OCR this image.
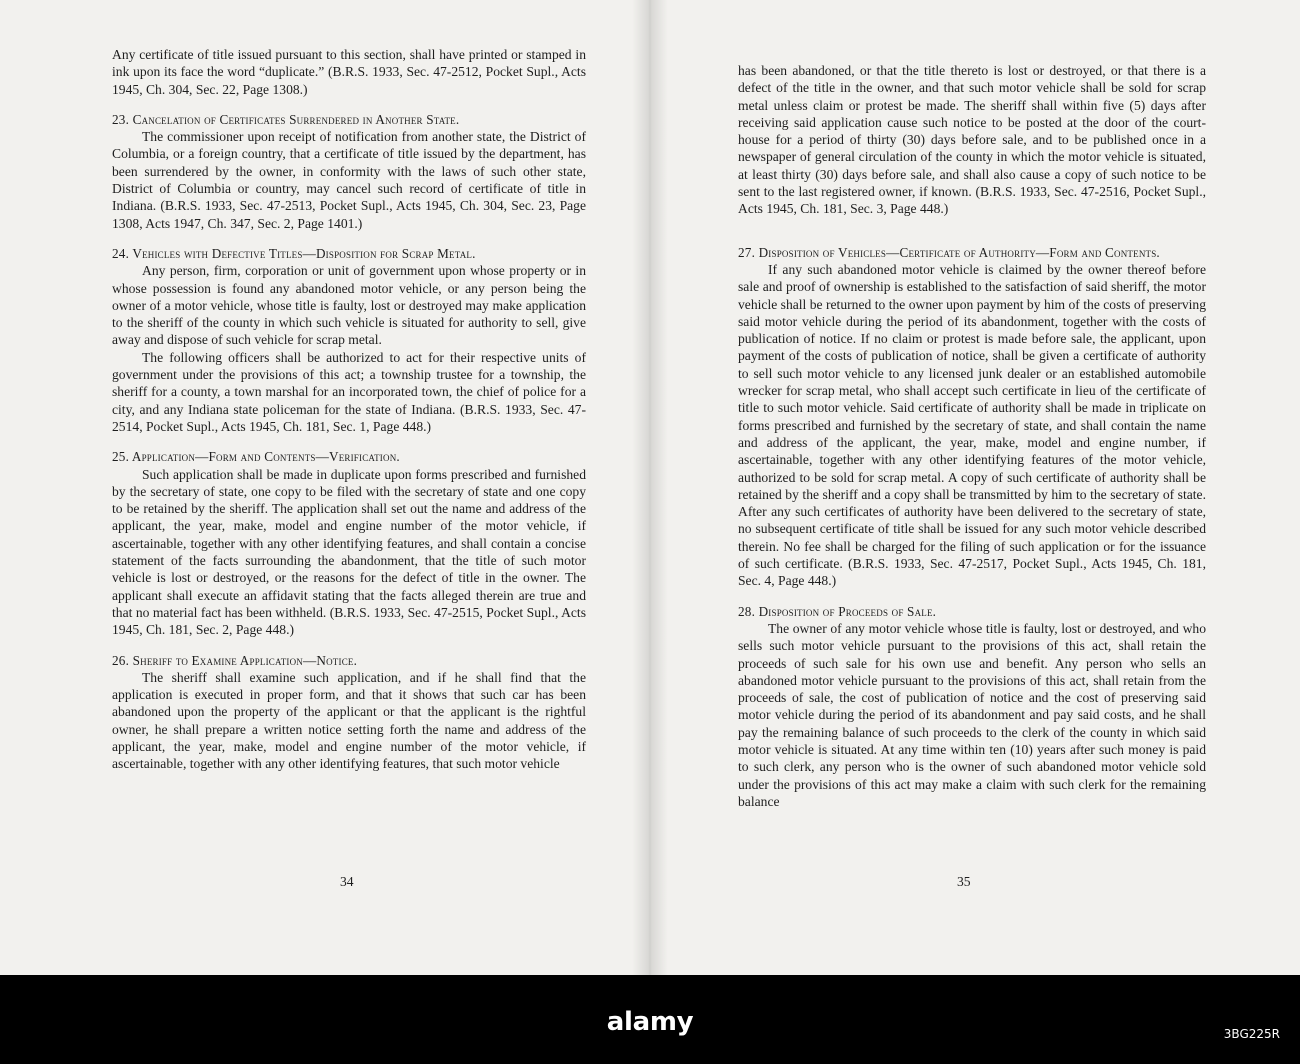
Any certificate of title issued pursuant to this section, shall have printed or stamped in ink upon its face the word “duplicate.” (B.R.S. 1933, Sec. 47-2512, Pocket Supl., Acts 1945, Ch. 304, Sec. 22, Page 1308.)

23. Cancelation of Certificates Surrendered in Another State.

The commissioner upon receipt of notification from another state, the District of Columbia, or a foreign country, that a certificate of title issued by the department, has been surrendered by the owner, in conformity with the laws of such other state, District of Columbia or country, may cancel such record of certificate of title in Indiana. (B.R.S. 1933, Sec. 47-2513, Pocket Supl., Acts 1945, Ch. 304, Sec. 23, Page 1308, Acts 1947, Ch. 347, Sec. 2, Page 1401.)

24. Vehicles with Defective Titles—Disposition for Scrap Metal.

Any person, firm, corporation or unit of government upon whose property or in whose possession is found any abandoned motor vehicle, or any person being the owner of a motor vehicle, whose title is faulty, lost or destroyed may make application to the sheriff of the county in which such vehicle is situated for authority to sell, give away and dispose of such vehicle for scrap metal.

The following officers shall be authorized to act for their respective units of government under the provisions of this act; a township trustee for a township, the sheriff for a county, a town marshal for an incorporated town, the chief of police for a city, and any Indiana state policeman for the state of Indiana. (B.R.S. 1933, Sec. 47-2514, Pocket Supl., Acts 1945, Ch. 181, Sec. 1, Page 448.)

25. Application—Form and Contents—Verification.

Such application shall be made in duplicate upon forms prescribed and furnished by the secretary of state, one copy to be filed with the secretary of state and one copy to be retained by the sheriff. The application shall set out the name and address of the applicant, the year, make, model and engine number of the motor vehicle, if ascertainable, together with any other identifying features, and shall contain a concise statement of the facts surrounding the abandonment, that the title of such motor vehicle is lost or destroyed, or the reasons for the defect of title in the owner. The applicant shall execute an affidavit stating that the facts alleged therein are true and that no material fact has been withheld. (B.R.S. 1933, Sec. 47-2515, Pocket Supl., Acts 1945, Ch. 181, Sec. 2, Page 448.)

26. Sheriff to Examine Application—Notice.

The sheriff shall examine such application, and if he shall find that the application is executed in proper form, and that it shows that such car has been abandoned upon the property of the applicant or that the applicant is the rightful owner, he shall prepare a written notice setting forth the name and address of the applicant, the year, make, model and engine number of the motor vehicle, if ascertainable, together with any other identifying features, that such motor vehicle

34

has been abandoned, or that the title thereto is lost or destroyed, or that there is a defect of the title in the owner, and that such motor vehicle shall be sold for scrap metal unless claim or protest be made. The sheriff shall within five (5) days after receiving said application cause such notice to be posted at the door of the court-house for a period of thirty (30) days before sale, and to be published once in a newspaper of general circulation of the county in which the motor vehicle is situated, at least thirty (30) days before sale, and shall also cause a copy of such notice to be sent to the last registered owner, if known. (B.R.S. 1933, Sec. 47-2516, Pocket Supl., Acts 1945, Ch. 181, Sec. 3, Page 448.)

27. Disposition of Vehicles—Certificate of Authority—Form and Contents.

If any such abandoned motor vehicle is claimed by the owner thereof before sale and proof of ownership is established to the satisfaction of said sheriff, the motor vehicle shall be returned to the owner upon payment by him of the costs of preserving said motor vehicle during the period of its abandonment, together with the costs of publication of notice. If no claim or protest is made before sale, the applicant, upon payment of the costs of publication of notice, shall be given a certificate of authority to sell such motor vehicle to any licensed junk dealer or an established automobile wrecker for scrap metal, who shall accept such certificate in lieu of the certificate of title to such motor vehicle. Said certificate of authority shall be made in triplicate on forms prescribed and furnished by the secretary of state, and shall contain the name and address of the applicant, the year, make, model and engine number, if ascertainable, together with any other identifying features of the motor vehicle, authorized to be sold for scrap metal. A copy of such certificate of authority shall be retained by the sheriff and a copy shall be transmitted by him to the secretary of state. After any such certificates of authority have been delivered to the secretary of state, no subsequent certificate of title shall be issued for any such motor vehicle described therein. No fee shall be charged for the filing of such application or for the issuance of such certificate. (B.R.S. 1933, Sec. 47-2517, Pocket Supl., Acts 1945, Ch. 181, Sec. 4, Page 448.)

28. Disposition of Proceeds of Sale.

The owner of any motor vehicle whose title is faulty, lost or destroyed, and who sells such motor vehicle pursuant to the provisions of this act, shall retain the proceeds of such sale for his own use and benefit. Any person who sells an abandoned motor vehicle pursuant to the provisions of this act, shall retain from the proceeds of sale, the cost of publication of notice and the cost of preserving said motor vehicle during the period of its abandonment and pay said costs, and he shall pay the remaining balance of such proceeds to the clerk of the county in which said motor vehicle is situated. At any time within ten (10) years after such money is paid to such clerk, any person who is the owner of such abandoned motor vehicle sold under the provisions of this act may make a claim with such clerk for the remaining balance

35
alamy	3BG225R
